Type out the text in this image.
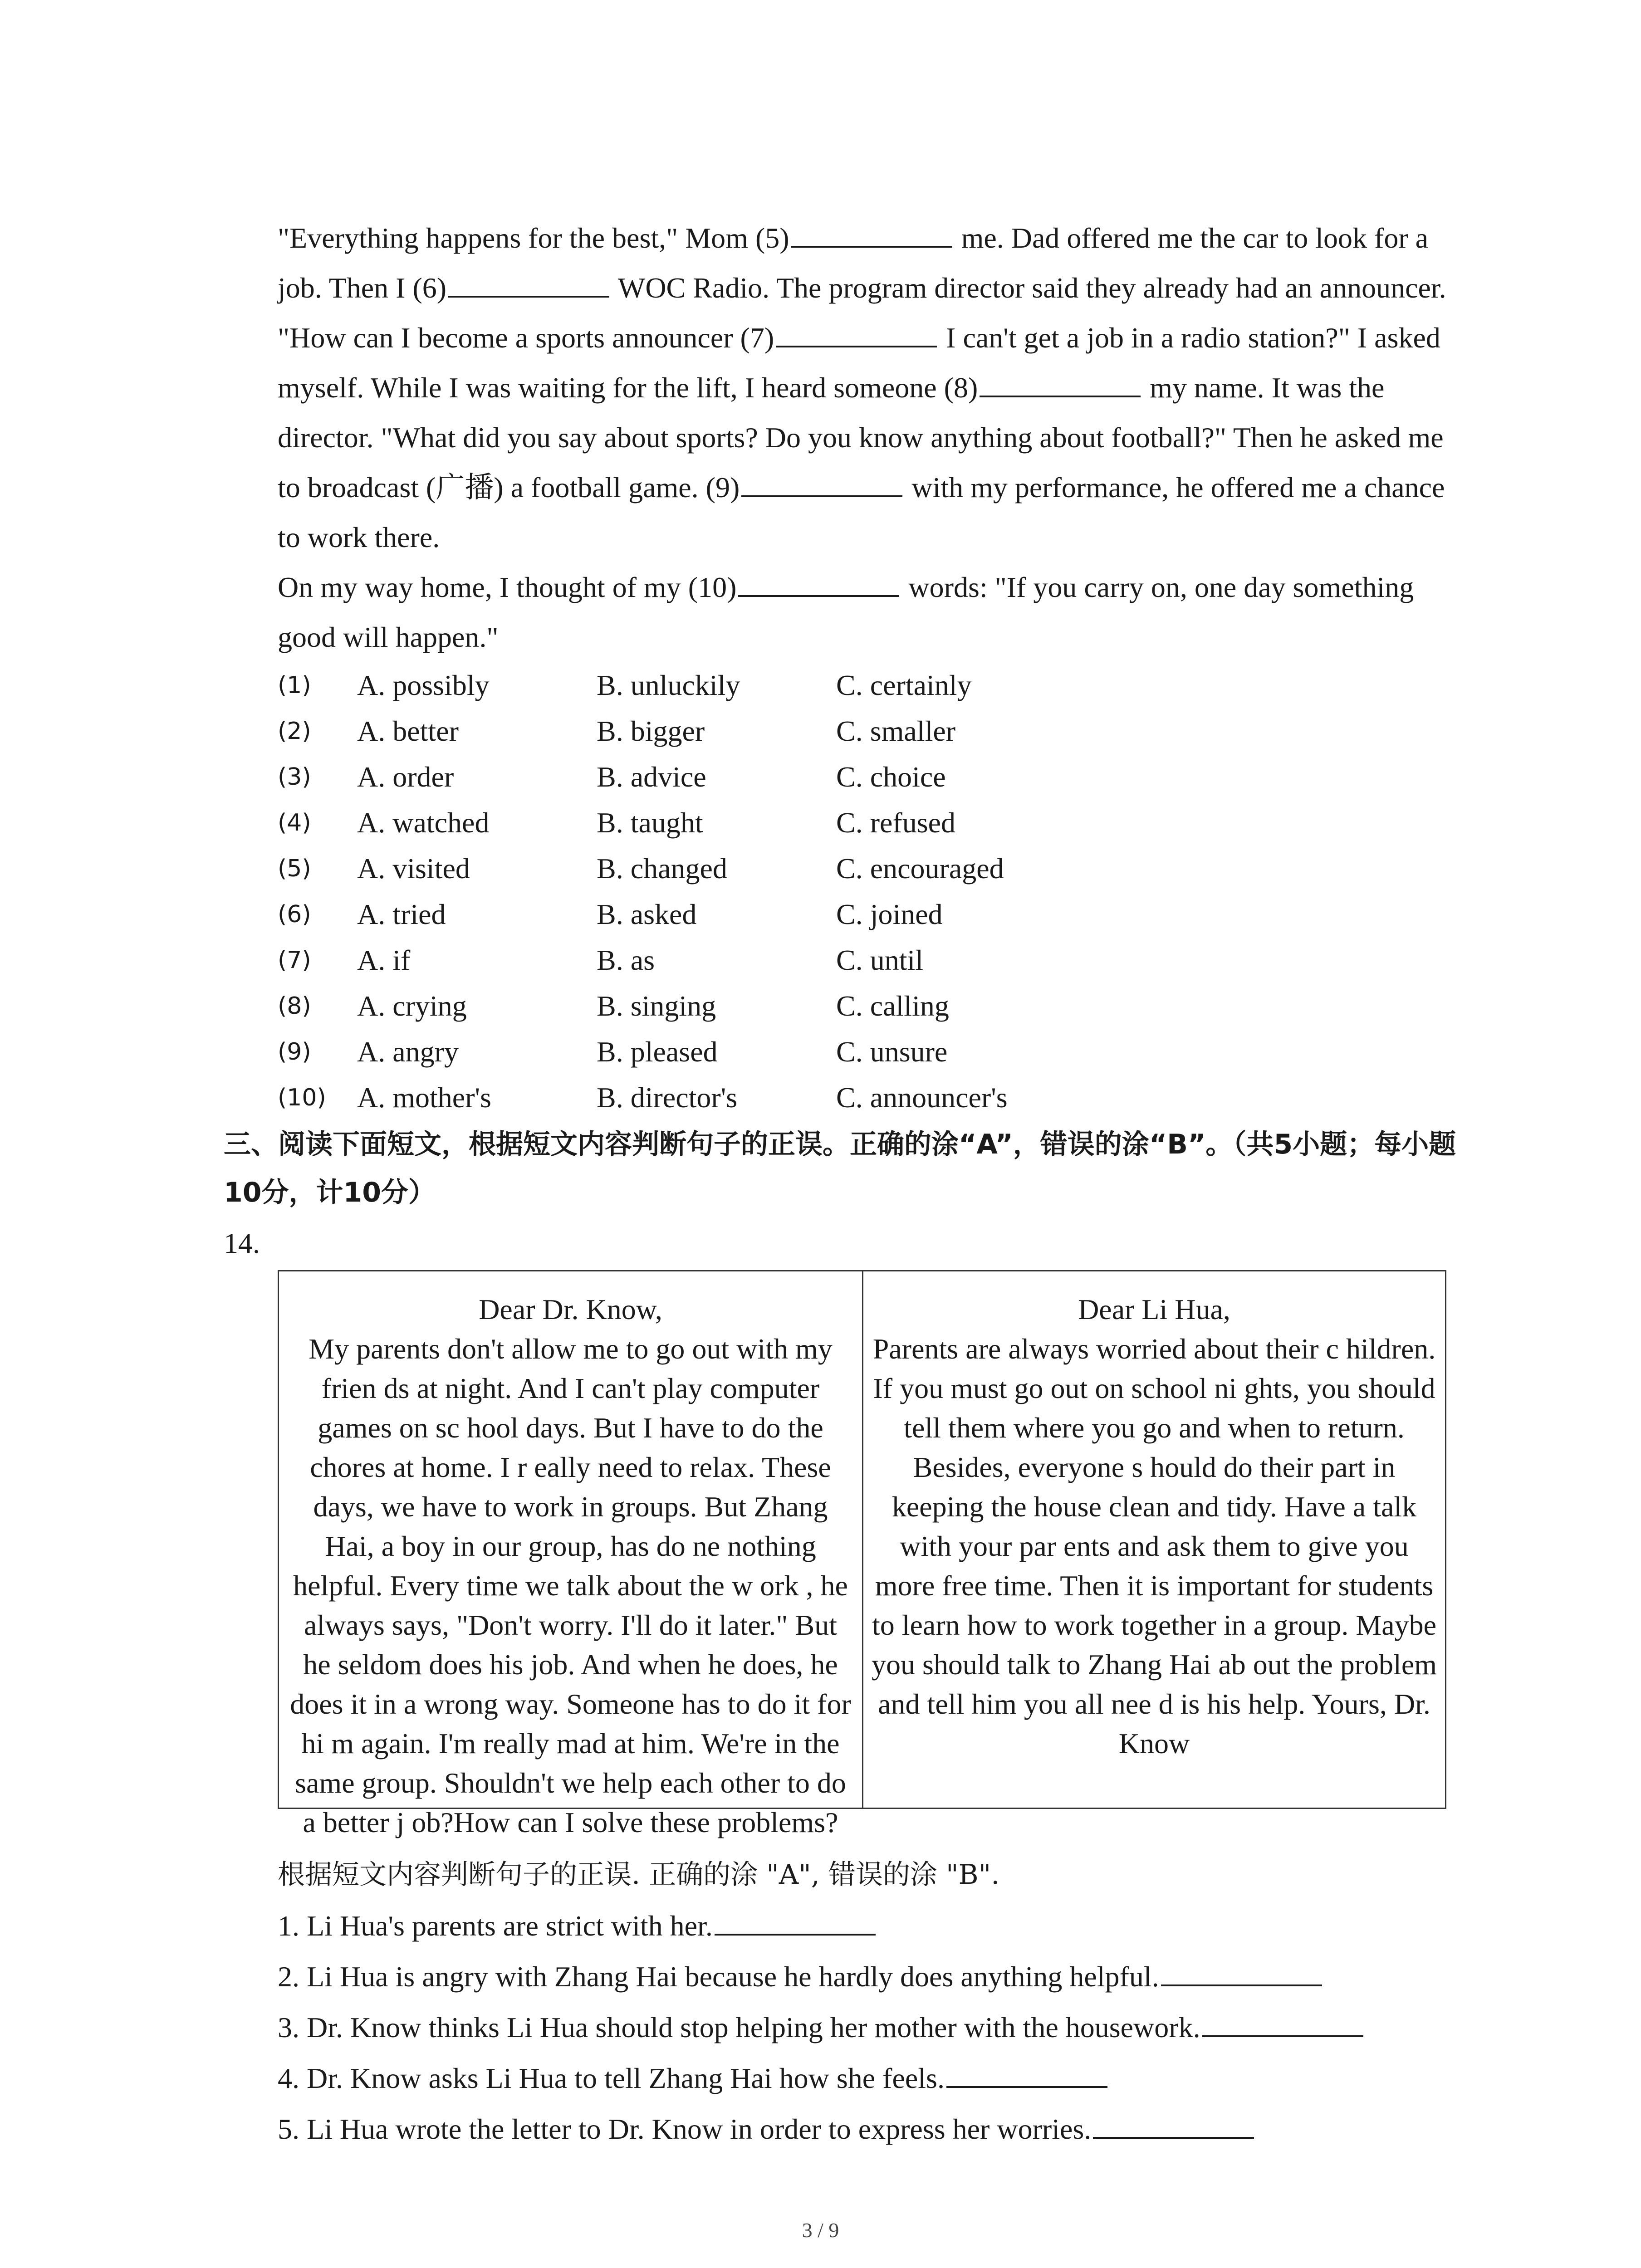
"Everything happens for the best," Mom (5)	me. Dad offered me the car to look for a job. Then I (6)	WOC Radio. The program director said they already had an announcer. "How can I become a sports announcer (7)	I can't get a job in a radio station?" I asked myself. While I was waiting for the lift, I heard someone (8)	my name. It was the director. "What did you say about sports? Do you know anything about football?" Then he asked me to broadcast (广播) a football game. (9)	with my performance, he offered me a chance to work there.

On my way home, I thought of my (10)	words: "If you carry on, one day something good will happen."

(1)	A. possibly	B. unluckily	C. certainly
(2)	A. better	B. bigger	C. smaller
(3)	A. order	B. advice	C. choice
(4)	A. watched	B. taught	C. refused
(5)	A. visited	B. changed	C. encouraged
(6)	A. tried	B. asked	C. joined
(7)	A. if	B. as	C. until
(8)	A. crying	B. singing	C. calling
(9)	A. angry	B. pleased	C. unsure
(10)	A. mother's	B. director's	C. announcer's
三、阅读下面短文，根据短文内容判断句子的正误。正确的涂“A”，错误的涂“B”。（共5小题；每小题10分，计10分）
14.
Dear Dr. Know,
My parents don't allow me to go out with my frien ds at night. And I can't play computer games on sc hool days. But I have to do the chores at home. I r eally need to relax. These days, we have to work in groups. But Zhang Hai, a boy in our group, has do ne nothing helpful. Every time we talk about the w ork , he always says, "Don't worry. I'll do it later." But he seldom does his job. And when he does, he does it in a wrong way. Someone has to do it for hi m again. I'm really mad at him. We're in the same group. Shouldn't we help each other to do a better j ob?How can I solve these problems?
Dear Li Hua,
Parents are always worried about their c hildren. If you must go out on school ni ghts, you should tell them where you go and when to return. Besides, everyone s hould do their part in keeping the house clean and tidy. Have a talk with your par ents and ask them to give you more free time. Then it is important for students to learn how to work together in a group. Maybe you should talk to Zhang Hai ab out the problem and tell him you all nee d is his help. Yours, Dr. Know
根据短文内容判断句子的正误. 正确的涂 "A", 错误的涂 "B".
1. Li Hua's parents are strict with her.
2. Li Hua is angry with Zhang Hai because he hardly does anything helpful.
3. Dr. Know thinks Li Hua should stop helping her mother with the housework.
4. Dr. Know asks Li Hua to tell Zhang Hai how she feels.
5. Li Hua wrote the letter to Dr. Know in order to express her worries.
3 / 9
